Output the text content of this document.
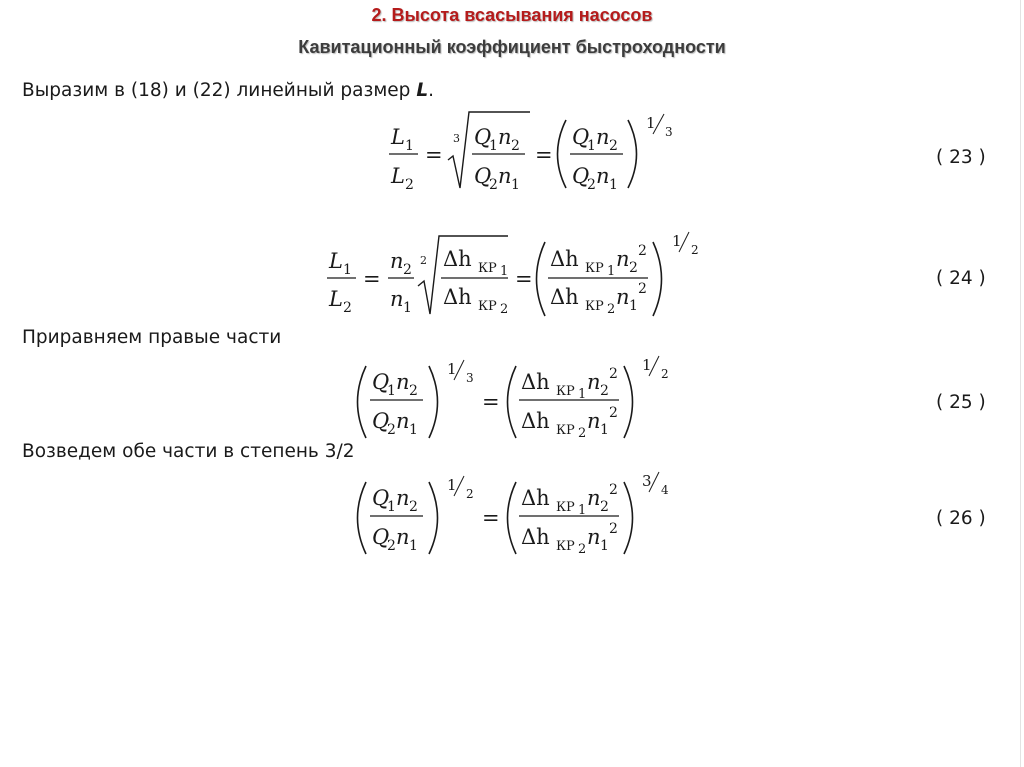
2. Высота всасывания насосов
Кавитационный коэффициент быстроходности
Выразим в (18) и (22) линейный размер L.
Приравняем правые части
Возведем обе части в степень 3/2
L 1
L 2
=
3 Q
1 n 2
Q
2 n 1
=
Q
1 n 2
Q
2 n 1
1 3
( 23 )
L 1
L 2
=
n 2
n 1
2 Δh КР 1
Δh КР 2
=
Δh КР 1
n 2
2
Δh КР 2
n 1
2
1 2
( 24 )
Q
1 n 2
Q
2 n 1
1 3
=
Δh КР 1
n 2
2
Δh КР 2
n 1
2
1 2
( 25 )
Q
1 n 2
Q
2 n 1
1 2
=
Δh КР 1
n 2
2
Δh КР 2
n 1
2
3 4
( 26 )
